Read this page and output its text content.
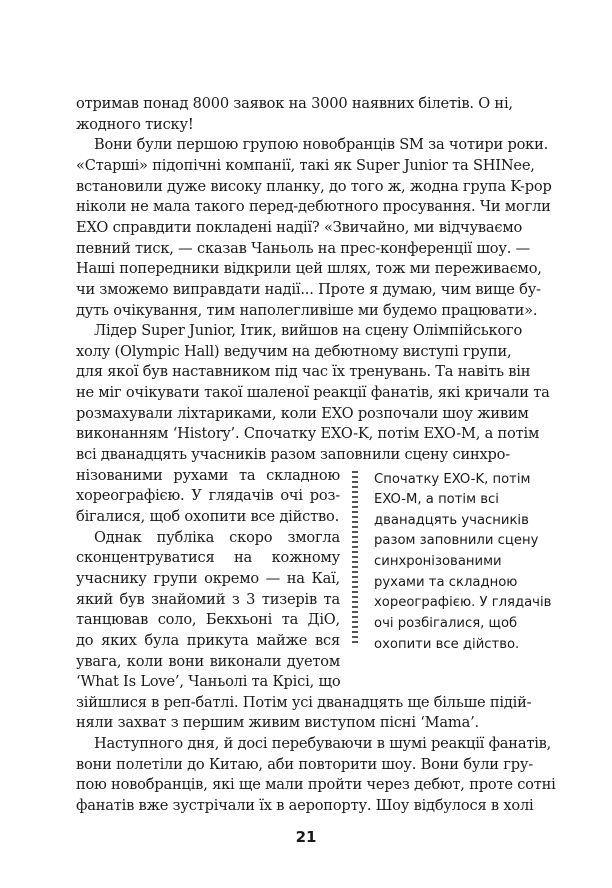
отримав понад 8000 заявок на 3000 наявних білетів. О ні,
жодного тиску!
Вони були першою групою новобранців SM за чотири роки.
«Старші» підопічні компанії, такі як Super Junior та SHINee,
встановили дуже високу планку, до того ж, жодна група K-pop
ніколи не мала такого перед-дебютного просування. Чи могли
EXO справдити покладені надії? «Звичайно, ми відчуваємо
певний тиск, — сказав Чаньоль на прес-конференції шоу. —
Наші попередники відкрили цей шлях, тож ми переживаємо,
чи зможемо виправдати надії... Проте я думаю, чим вище бу-
дуть очікування, тим наполегливіше ми будемо працювати».
Лідер Super Junior, Ітик, вийшов на сцену Олімпійського
холу (Olympic Hall) ведучим на дебютному виступі групи,
для якої був наставником під час їх тренувань. Та навіть він
не міг очікувати такої шаленої реакції фанатів, які кричали та
розмахували ліхтариками, коли EXO розпочали шоу живим
виконанням ‘History’. Спочатку EXO-K, потім EXO-M, а потім
всі дванадцять учасників разом заповнили сцену синхро-
нізованими рухами та складною
хореографією. У глядачів очі роз-
бігалися, щоб охопити все дійство.
Однак публіка скоро змогла
сконцентруватися на кожному
учаснику групи окремо — на Каї,
який був знайомий з 3 тизерів та
танцював соло, Бекхьоні та ДіО,
до яких була прикута майже вся
увага, коли вони виконали дуетом
‘What Is Love’, Чаньолі та Крісі, що
зійшлися в реп-батлі. Потім усі дванадцять ще більше підій-
няли захват з першим живим виступом пісні ‘Mama’.
Наступного дня, й досі перебуваючи в шумі реакції фанатів,
вони полетіли до Китаю, аби повторити шоу. Вони були гру-
пою новобранців, які ще мали пройти через дебют, проте сотні
фанатів вже зустрічали їх в аеропорту. Шоу відбулося в холі
Спочатку EXO-K, потім
EXO-M, а потім всі
дванадцять учасників
разом заповнили сцену
синхронізованими
рухами та складною
хореографією. У глядачів
очі розбігалися, щоб
охопити все дійство.
21
